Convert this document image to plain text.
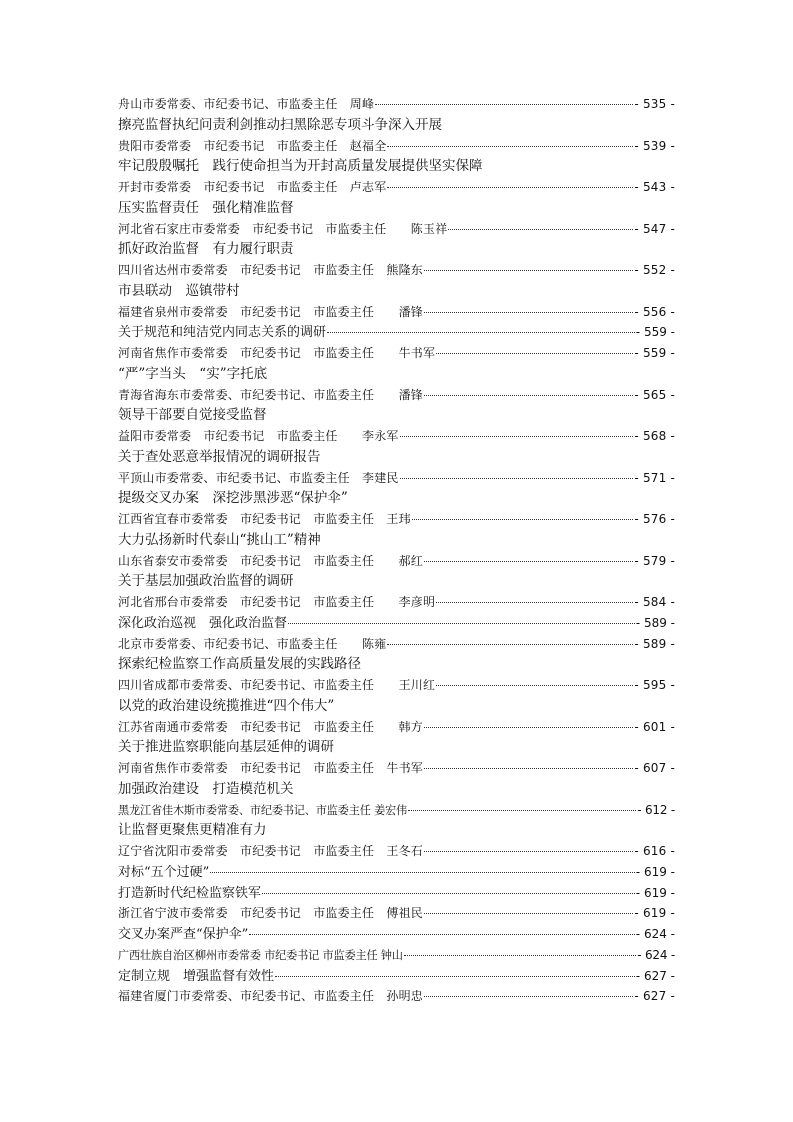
舟山市委常委、市纪委书记、市监委主任　周峰	- 535 -
擦亮监督执纪问责利剑推动扫黑除恶专项斗争深入开展
贵阳市委常委　市纪委书记　市监委主任　赵福全	- 539 -
牢记殷殷嘱托　践行使命担当为开封高质量发展提供坚实保障
开封市委常委　市纪委书记　市监委主任　卢志军	- 543 -
压实监督责任　强化精准监督
河北省石家庄市委常委　市纪委书记　市监委主任　　陈玉祥	- 547 -
抓好政治监督　有力履行职责
四川省达州市委常委　市纪委书记　市监委主任　熊隆东	- 552 -
市县联动　巡镇带村
福建省泉州市委常委　市纪委书记　市监委主任　　潘锋	- 556 -
关于规范和纯洁党内同志关系的调研	- 559 -
河南省焦作市委常委　市纪委书记　市监委主任　　牛书军	- 559 -
“严”字当头　“实”字托底
青海省海东市委常委、市纪委书记、市监委主任　　潘锋	- 565 -
领导干部要自觉接受监督
益阳市委常委　市纪委书记　市监委主任　　李永军	- 568 -
关于查处恶意举报情况的调研报告
平顶山市委常委、市纪委书记、市监委主任　李建民	- 571 -
提级交叉办案　深挖涉黑涉恶“保护伞”
江西省宜春市委常委　市纪委书记　市监委主任　王玮	- 576 -
大力弘扬新时代泰山“挑山工”精神
山东省泰安市委常委　市纪委书记　市监委主任　　郝红	- 579 -
关于基层加强政治监督的调研
河北省邢台市委常委　市纪委书记　市监委主任　　李彦明	- 584 -
深化政治巡视　强化政治监督	- 589 -
北京市委常委、市纪委书记、市监委主任　　陈雍	- 589 -
探索纪检监察工作高质量发展的实践路径
四川省成都市委常委、市纪委书记、市监委主任　　王川红	- 595 -
以党的政治建设统揽推进“四个伟大”
江苏省南通市委常委　市纪委书记　市监委主任　　韩方	- 601 -
关于推进监察职能向基层延伸的调研
河南省焦作市委常委　市纪委书记　市监委主任　牛书军	- 607 -
加强政治建设　打造模范机关
黑龙江省佳木斯市委常委、市纪委书记、市监委主任 姜宏伟	- 612 -
让监督更聚焦更精准有力
辽宁省沈阳市委常委　市纪委书记　市监委主任　王冬石	- 616 -
对标“五个过硬”	- 619 -
打造新时代纪检监察铁军	- 619 -
浙江省宁波市委常委　市纪委书记　市监委主任　傅祖民	- 619 -
交叉办案严查“保护伞”	- 624 -
广西壮族自治区柳州市委常委 市纪委书记 市监委主任 钟山	- 624 -
定制立规　增强监督有效性	- 627 -
福建省厦门市委常委、市纪委书记、市监委主任　孙明忠	- 627 -
